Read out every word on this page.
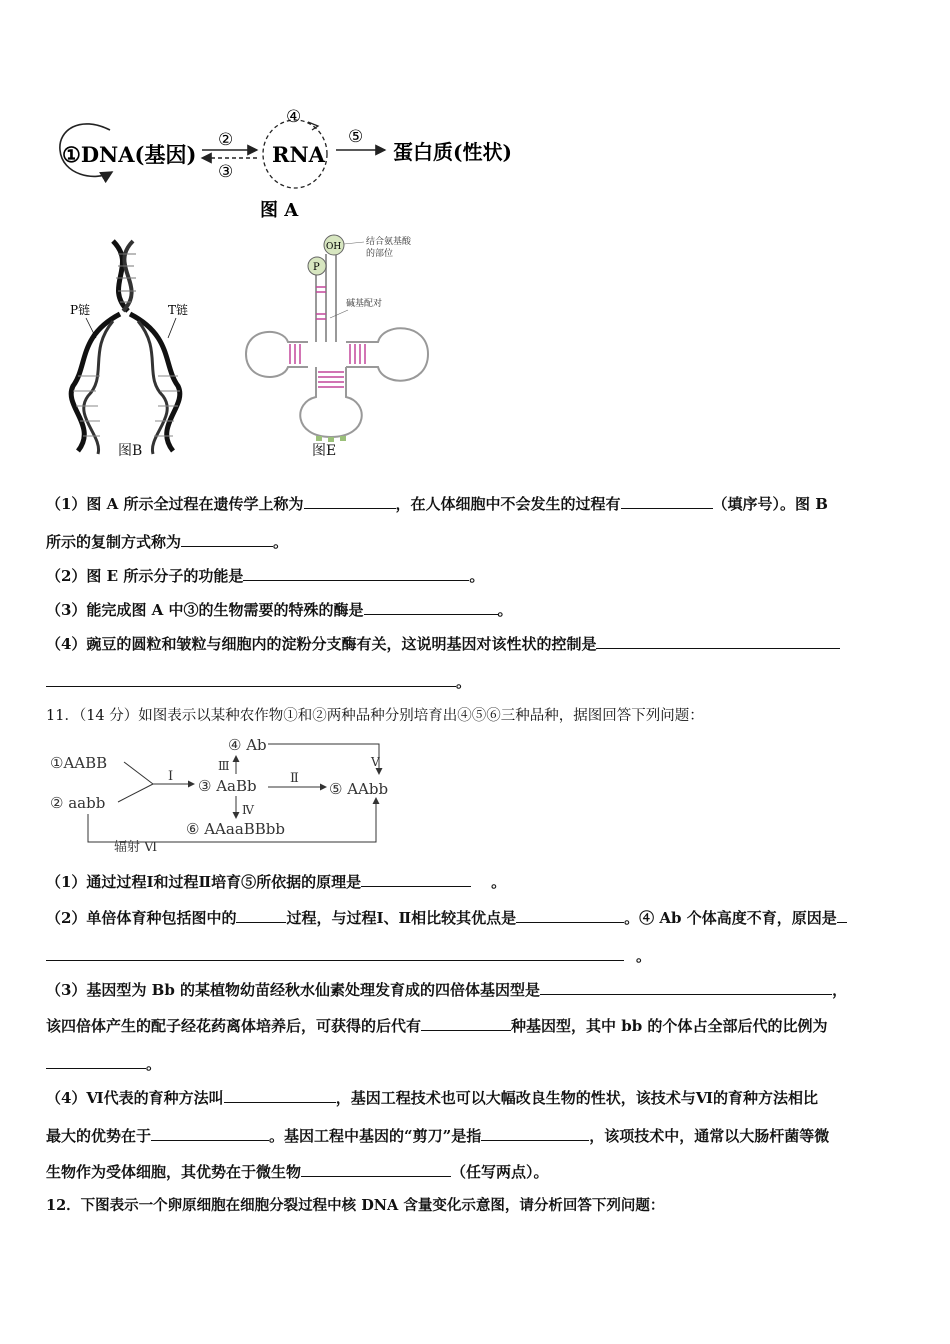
①DNA(基因)
②
③
④
RNA
⑤
蛋白质(性状)
图 A
P链	T链
图B
OH
P
结合氨基酸
的部位
碱基配对
图E
（1）图 A 所示全过程在遗传学上称为	，在人体细胞中不会发生的过程有	（填序号）。图 B
所示的复制方式称为	。
（2）图 E 所示分子的功能是	。
（3）能完成图 A 中③的生物需要的特殊的酶是	。
（4）豌豆的圆粒和皱粒与细胞内的淀粉分支酶有关，这说明基因对该性状的控制是
。
11．（14 分）如图表示以某种农作物①和②两种品种分别培育出④⑤⑥三种品种，据图回答下列问题：
①AABB
② aabb
③ AaBb
④ Ab
⑤ AAbb
⑥ AAaaBBbb
Ⅰ
Ⅲ
Ⅱ
Ⅴ
Ⅳ
辐射 Ⅵ
（1）通过过程Ⅰ和过程Ⅱ培育⑤所依据的原理是	。
（2）单倍体育种包括图中的	过程，与过程Ⅰ、Ⅱ相比较其优点是	。④ Ab 个体高度不育，原因是
。
（3）基因型为 Bb 的某植物幼苗经秋水仙素处理发育成的四倍体基因型是	，
该四倍体产生的配子经花药离体培养后，可获得的后代有	种基因型，其中 bb 的个体占全部后代的比例为
。
（4）Ⅵ代表的育种方法叫	，基因工程技术也可以大幅改良生物的性状，该技术与Ⅵ的育种方法相比
最大的优势在于	。基因工程中基因的“剪刀”是指	，该项技术中，通常以大肠杆菌等微
生物作为受体细胞，其优势在于微生物	（任写两点）。
12．下图表示一个卵原细胞在细胞分裂过程中核 DNA 含量变化示意图，请分析回答下列问题：
